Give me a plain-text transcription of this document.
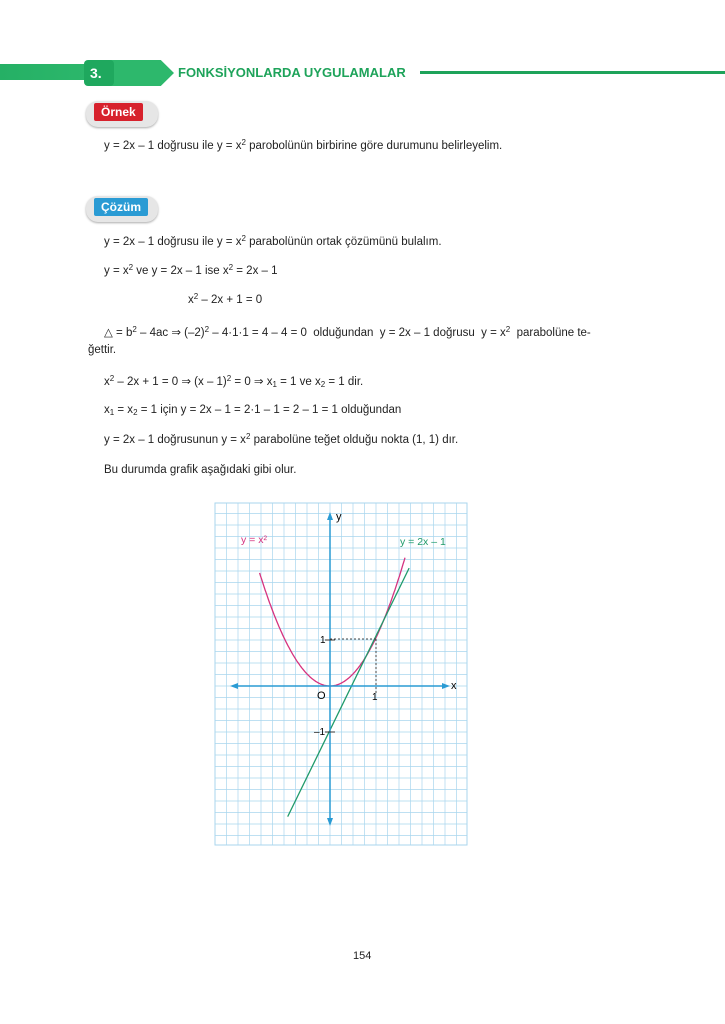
3.	FONKSİYONLARDA UYGULAMALAR
Örnek
y = 2x – 1 doğrusu ile $y = x^2$ parobolünün birbirine göre durumunu belirleyelim.
Çözüm
y = 2x – 1 doğrusu ile $y = x^2$ parabolünün ortak çözümünü bulalım.
$y = x^2$ ve y = 2x – 1 ise $x^2 = 2x - 1$
$x^2 - 2x + 1 = 0$
△ = $b^2 - 4ac$ ⇒ $(-2)^2 - 4\cdot 1\cdot 1 = 4 - 4 = 0$  olduğundan  y = 2x – 1 doğrusu  $y = x^2$  parabolüne te-
ğettir.
$x^2 - 2x + 1 = 0$ ⇒ (x – 1)$^2$ = 0 ⇒ $x_1 = 1$ ve $x_2 = 1$ dir.
$x_1 = x_2 = 1$ için y = 2x – 1 = 2·1 – 1 = 2 – 1 = 1 olduğundan
y = 2x – 1 doğrusunun $y = x^2$ parabolüne teğet olduğu nokta (1, 1) dır.
Bu durumda grafik aşağıdaki gibi olur.
x
y
O	1
1
–1
y = x²	y = 2x – 1
154
